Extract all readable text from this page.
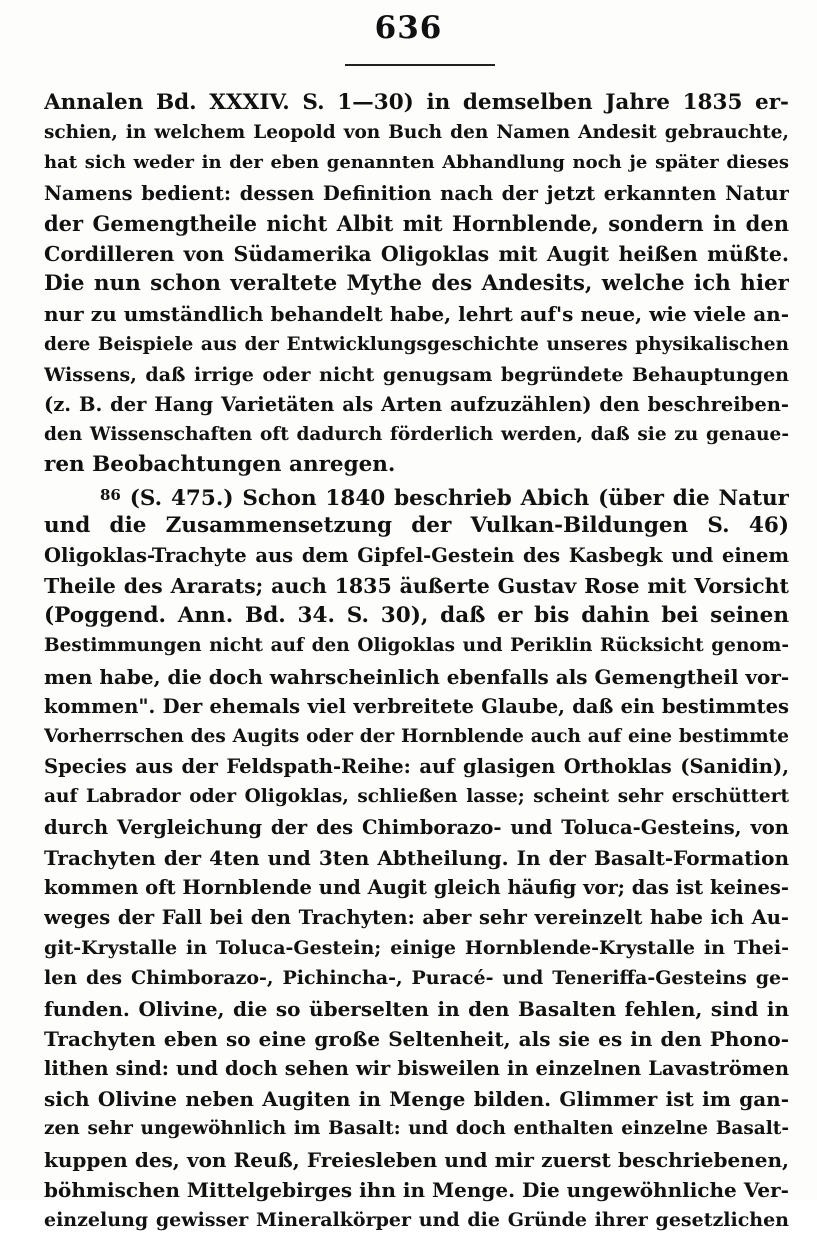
636
Annalen Bd. XXXIV. S. 1—30) in demselben Jahre 1835 er-
schien, in welchem Leopold von Buch den Namen Andesit gebrauchte,
hat sich weder in der eben genannten Abhandlung noch je später dieses
Namens bedient: dessen Definition nach der jetzt erkannten Natur
der Gemengtheile nicht Albit mit Hornblende, sondern in den
Cordilleren von Südamerika Oligoklas mit Augit heißen müßte.
Die nun schon veraltete Mythe des Andesits, welche ich hier
nur zu umständlich behandelt habe, lehrt auf's neue, wie viele an-
dere Beispiele aus der Entwicklungsgeschichte unseres physikalischen
Wissens, daß irrige oder nicht genugsam begründete Behauptungen
(z. B. der Hang Varietäten als Arten aufzuzählen) den beschreiben-
den Wissenschaften oft dadurch förderlich werden, daß sie zu genaue-
ren Beobachtungen anregen.
$^{86}$ (S. 475.) Schon 1840 beschrieb Abich (über die Natur
und die Zusammensetzung der Vulkan-Bildungen S. 46)
Oligoklas-Trachyte aus dem Gipfel-Gestein des Kasbegk und einem
Theile des Ararats; auch 1835 äußerte Gustav Rose mit Vorsicht
(Poggend. Ann. Bd. 34. S. 30), daß er bis dahin bei seinen
Bestimmungen nicht auf den Oligoklas und Periklin Rücksicht genom-
men habe, die doch wahrscheinlich ebenfalls als Gemengtheil vor-
kommen". Der ehemals viel verbreitete Glaube, daß ein bestimmtes
Vorherrschen des Augits oder der Hornblende auch auf eine bestimmte
Species aus der Feldspath-Reihe: auf glasigen Orthoklas (Sanidin),
auf Labrador oder Oligoklas, schließen lasse; scheint sehr erschüttert
durch Vergleichung der des Chimborazo- und Toluca-Gesteins, von
Trachyten der 4ten und 3ten Abtheilung. In der Basalt-Formation
kommen oft Hornblende und Augit gleich häufig vor; das ist keines-
weges der Fall bei den Trachyten: aber sehr vereinzelt habe ich Au-
git-Krystalle in Toluca-Gestein; einige Hornblende-Krystalle in Thei-
len des Chimborazo-, Pichincha-, Puracé- und Teneriffa-Gesteins ge-
funden. Olivine, die so überselten in den Basalten fehlen, sind in
Trachyten eben so eine große Seltenheit, als sie es in den Phono-
lithen sind: und doch sehen wir bisweilen in einzelnen Lavaströmen
sich Olivine neben Augiten in Menge bilden. Glimmer ist im gan-
zen sehr ungewöhnlich im Basalt: und doch enthalten einzelne Basalt-
kuppen des, von Reuß, Freiesleben und mir zuerst beschriebenen,
böhmischen Mittelgebirges ihn in Menge. Die ungewöhnliche Ver-
einzelung gewisser Mineralkörper und die Gründe ihrer gesetzlichen
